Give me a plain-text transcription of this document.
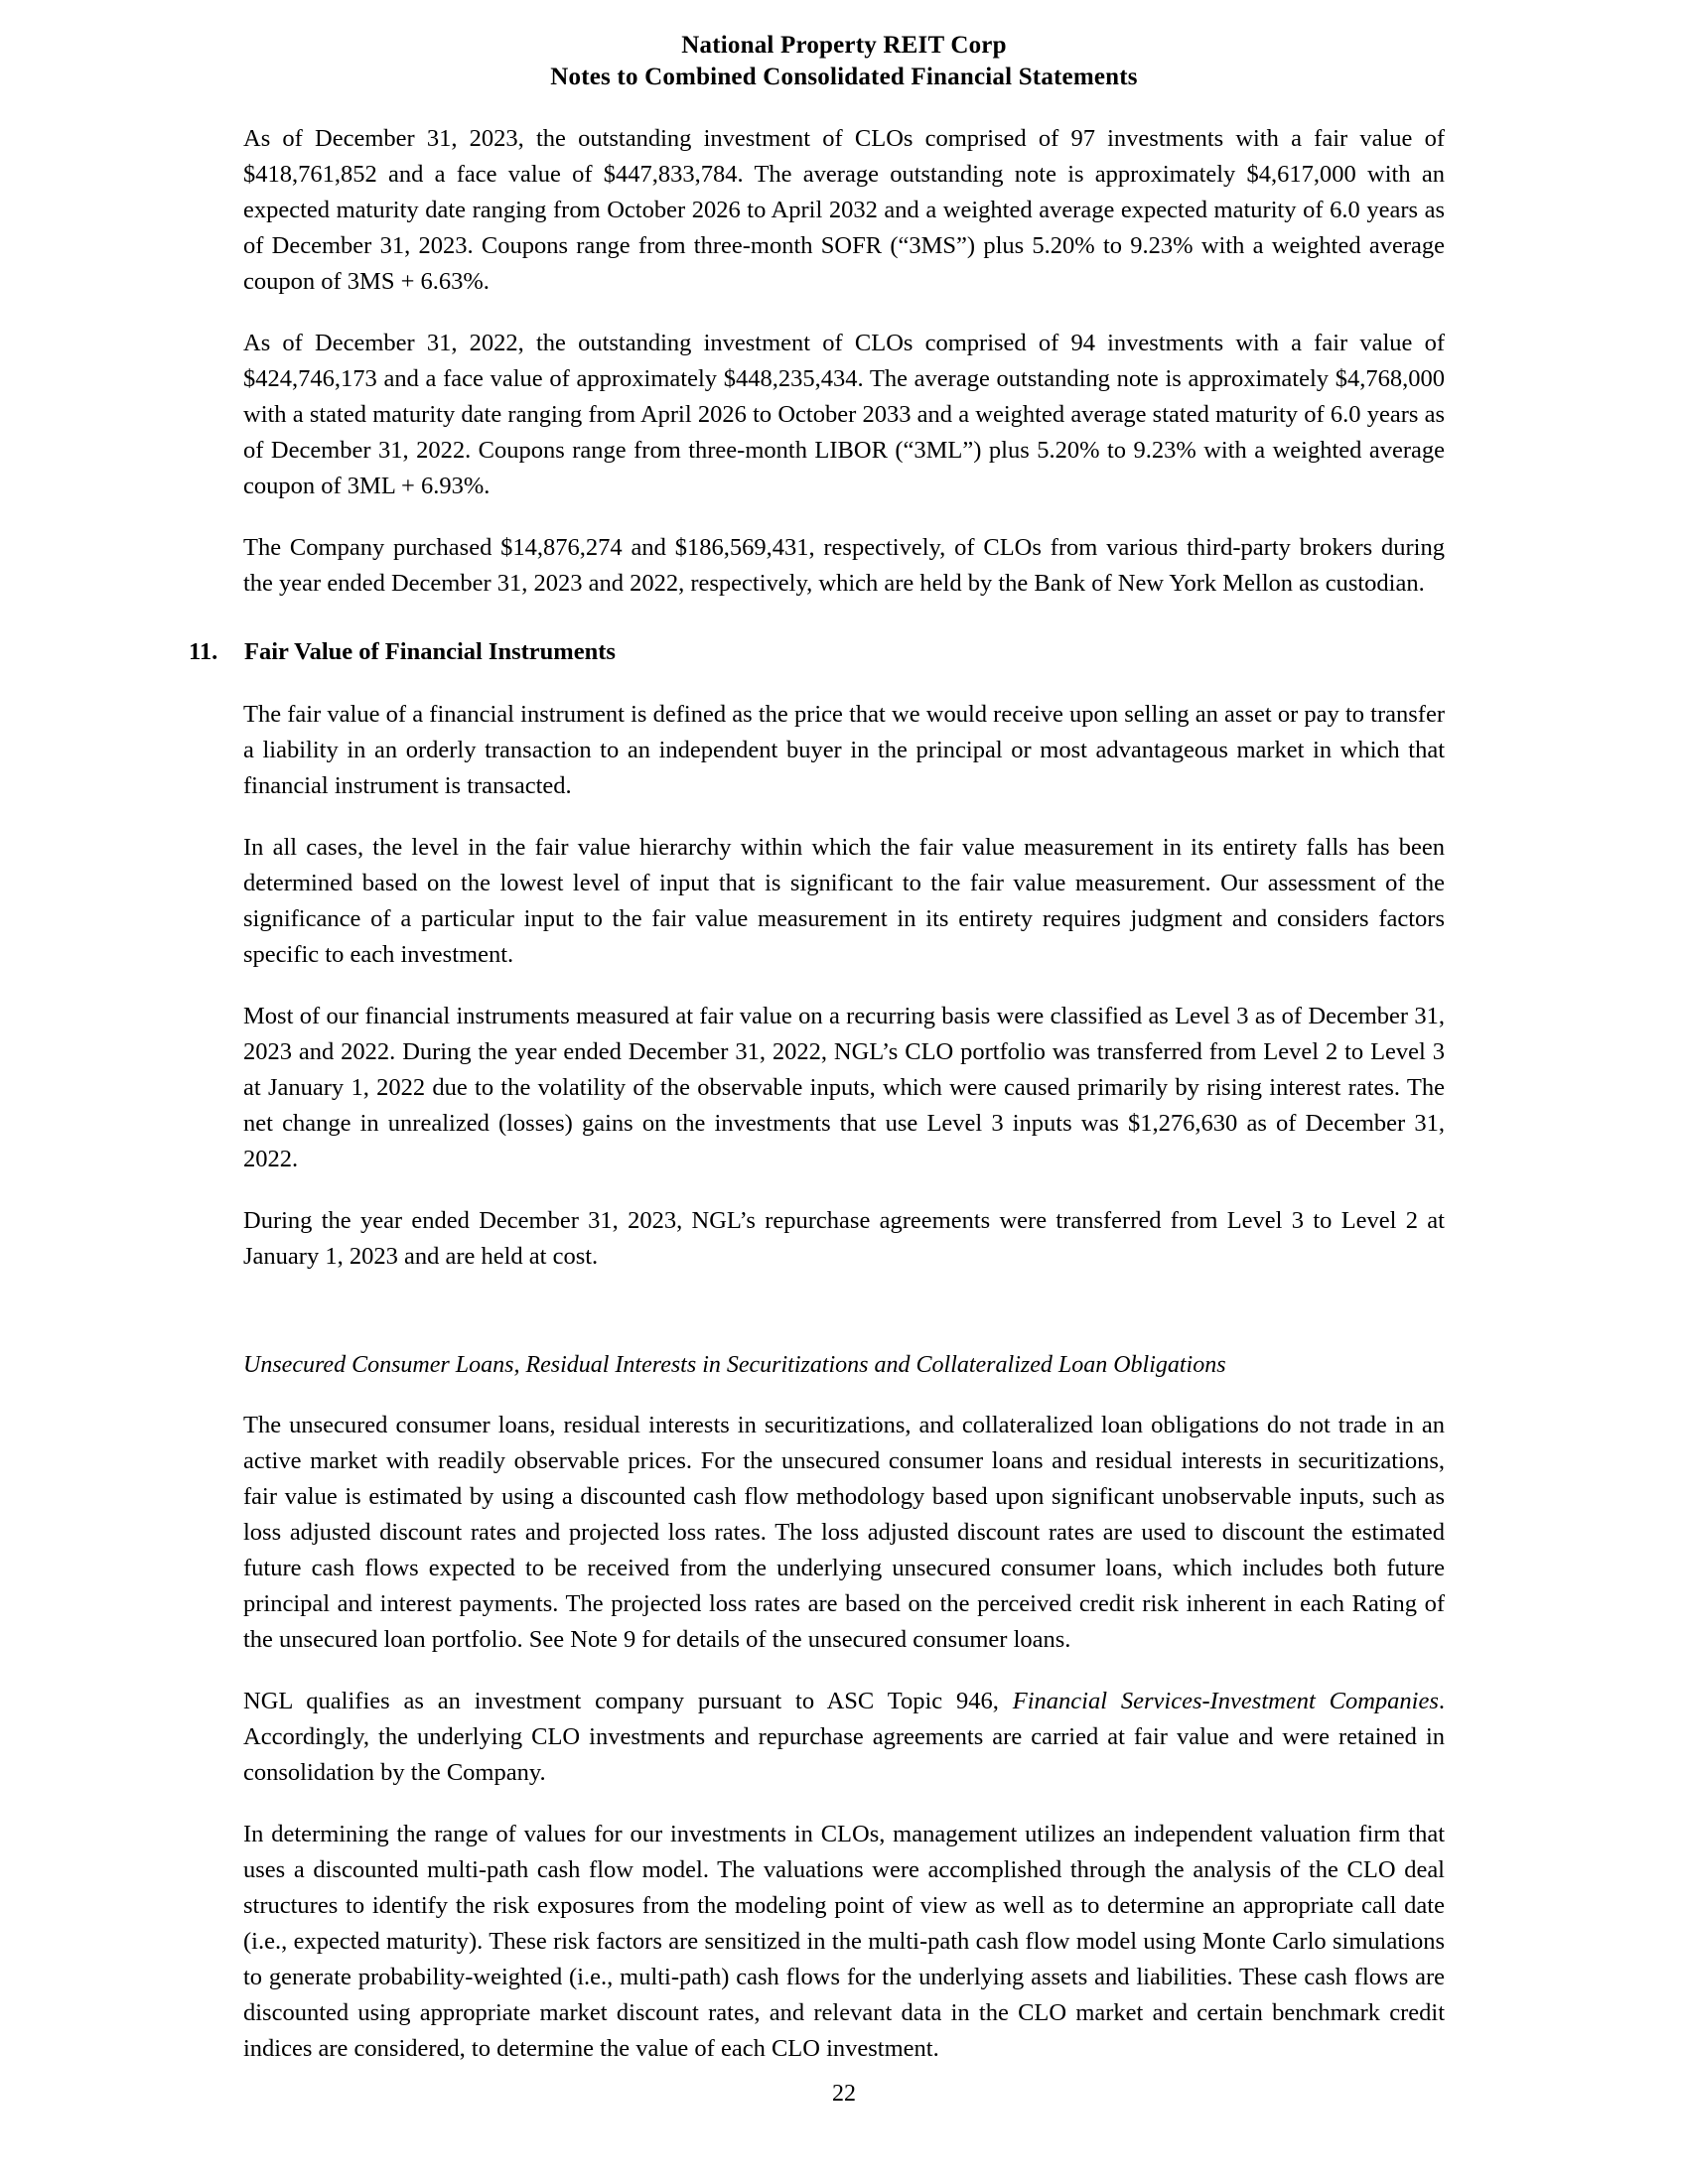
National Property REIT Corp
Notes to Combined Consolidated Financial Statements

As of December 31, 2023, the outstanding investment of CLOs comprised of 97 investments with a fair value of $418,761,852 and a face value of $447,833,784. The average outstanding note is approximately $4,617,000 with an expected maturity date ranging from October 2026 to April 2032 and a weighted average expected maturity of 6.0 years as of December 31, 2023. Coupons range from three-month SOFR (“3MS”) plus 5.20% to 9.23% with a weighted average coupon of 3MS + 6.63%.

As of December 31, 2022, the outstanding investment of CLOs comprised of 94 investments with a fair value of $424,746,173 and a face value of approximately $448,235,434. The average outstanding note is approximately $4,768,000 with a stated maturity date ranging from April 2026 to October 2033 and a weighted average stated maturity of 6.0 years as of December 31, 2022. Coupons range from three-month LIBOR (“3ML”) plus 5.20% to 9.23% with a weighted average coupon of 3ML + 6.93%.

The Company purchased $14,876,274 and $186,569,431, respectively, of CLOs from various third-party brokers during the year ended December 31, 2023 and 2022, respectively, which are held by the Bank of New York Mellon as custodian.

11.	Fair Value of Financial Instruments

The fair value of a financial instrument is defined as the price that we would receive upon selling an asset or pay to transfer a liability in an orderly transaction to an independent buyer in the principal or most advantageous market in which that financial instrument is transacted.

In all cases, the level in the fair value hierarchy within which the fair value measurement in its entirety falls has been determined based on the lowest level of input that is significant to the fair value measurement. Our assessment of the significance of a particular input to the fair value measurement in its entirety requires judgment and considers factors specific to each investment.

Most of our financial instruments measured at fair value on a recurring basis were classified as Level 3 as of December 31, 2023 and 2022. During the year ended December 31, 2022, NGL’s CLO portfolio was transferred from Level 2 to Level 3 at January 1, 2022 due to the volatility of the observable inputs, which were caused primarily by rising interest rates. The net change in unrealized (losses) gains on the investments that use Level 3 inputs was $1,276,630 as of December 31, 2022.

During the year ended December 31, 2023, NGL’s repurchase agreements were transferred from Level 3 to Level 2 at January 1, 2023 and are held at cost.

Unsecured Consumer Loans, Residual Interests in Securitizations and Collateralized Loan Obligations

The unsecured consumer loans, residual interests in securitizations, and collateralized loan obligations do not trade in an active market with readily observable prices. For the unsecured consumer loans and residual interests in securitizations, fair value is estimated by using a discounted cash flow methodology based upon significant unobservable inputs, such as loss adjusted discount rates and projected loss rates. The loss adjusted discount rates are used to discount the estimated future cash flows expected to be received from the underlying unsecured consumer loans, which includes both future principal and interest payments. The projected loss rates are based on the perceived credit risk inherent in each Rating of the unsecured loan portfolio. See Note 9 for details of the unsecured consumer loans.

NGL qualifies as an investment company pursuant to ASC Topic 946, Financial Services-Investment Companies. Accordingly, the underlying CLO investments and repurchase agreements are carried at fair value and were retained in consolidation by the Company.

In determining the range of values for our investments in CLOs, management utilizes an independent valuation firm that uses a discounted multi-path cash flow model. The valuations were accomplished through the analysis of the CLO deal structures to identify the risk exposures from the modeling point of view as well as to determine an appropriate call date (i.e., expected maturity). These risk factors are sensitized in the multi-path cash flow model using Monte Carlo simulations to generate probability-weighted (i.e., multi-path) cash flows for the underlying assets and liabilities. These cash flows are discounted using appropriate market discount rates, and relevant data in the CLO market and certain benchmark credit indices are considered, to determine the value of each CLO investment.

22
